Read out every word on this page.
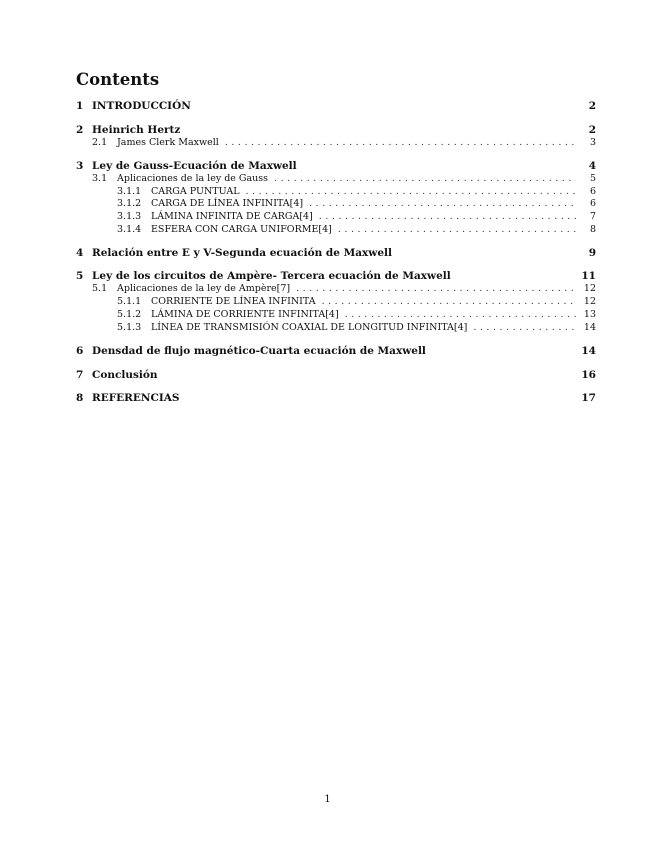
Contents
1 INTRODUCCIÓN	2
2 Heinrich Hertz	2
2.1	James Clerk Maxwell . . .	3
3 Ley de Gauss-Ecuación de Maxwell	4
3.1	Aplicaciones de la ley de Gauss . . .	5
3.1.1	CARGA PUNTUAL . . .	6
3.1.2	CARGA DE LÍNEA INFINITA[4] . . .	6
3.1.3	LÁMINA INFINITA DE CARGA[4] . . .	7
3.1.4	ESFERA CON CARGA UNIFORME[4] . . .	8
4 Relación entre E y V-Segunda ecuación de Maxwell	9
5 Ley de los circuitos de Ampère- Tercera ecuación de Maxwell	11
5.1	Aplicaciones de la ley de Ampère[7] . . .	12
5.1.1	CORRIENTE DE LÍNEA INFINITA . . .	12
5.1.2	LÁMINA DE CORRIENTE INFINITA[4] . . .	13
5.1.3	LÍNEA DE TRANSMISIÓN COAXIAL DE LONGITUD INFINITA[4] . . .	14
6 Densdad de flujo magnético-Cuarta ecuación de Maxwell	14
7 Conclusión	16
8 REFERENCIAS	17
1
